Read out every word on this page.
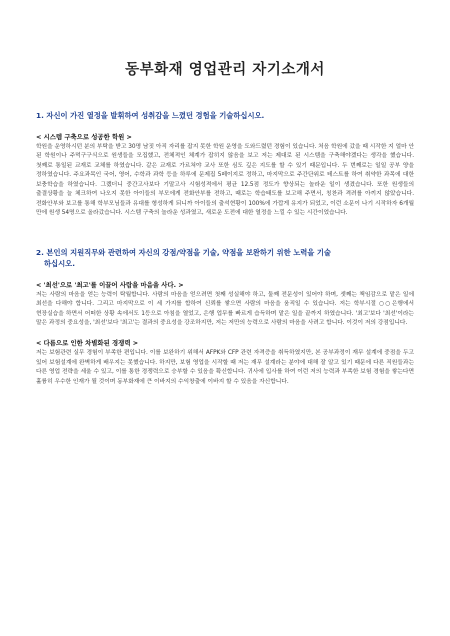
동부화재 영업관리 자기소개서

1. 자신이 가진 열정을 발휘하여 성취감을 느꼈던 경험을 기술하십시오.

< 시스템 구축으로 성공한 학원 >

학원을 운영하시던 분의 부탁을 받고 30명 남짓 아직 자리를 잡지 못한 학원 운영을 도와드렸던 경험이 있습니다. 처음 학원에 갔을 때 시작한 지 얼마 안 된 학원이나 주먹구구식으로 원생들을 모집했고, 전체적인 체계가 잡히지 않음을 보고 저는 제대로 된 시스템을 구축해야겠다는 생각을 했습니다. 첫째로 통일된 교재로 교체를 하였습니다. 같은 교재로 가르쳐야 교사 또한 심도 깊은 지도를 할 수 있기 때문입니다. 두 번째로는 일일 공부 양을 정하였습니다. 주요과목인 국어, 영어, 수학과 과학 등을 하루에 문제집 5페이지로 정하고, 마지막으로 주간단위로 테스트를 하여 취약한 과목에 대한 보충학습을 하였습니다. 그랬더니 중간고사보다 기말고사 시험성적에서 평균 12.5점 정도가 향상되는 놀라운 일이 생겼습니다. 또한 원생들의 출결상황을 늘 체크하여 나오지 못한 아이들의 부모에게 전화안부를 전하고, 때로는 학습태도를 보고해 주면서, 칭찬과 격려를 아끼지 않았습니다. 전화안부와 보고를 통해 학부모님들과 유대를 형성하게 되니까 아이들의 출석현황이 100%에 가깝게 유지가 되었고, 이런 소문이 나기 시작하자 6개월 만에 원생 54명으로 올라갔습니다. 시스템 구축의 놀라운 성과였고, 새로운 도전에 대한 열정을 느낄 수 있는 시간이었습니다.

2. 본인의 지원직무와 관련하여 자신의 강점/약점을 기술, 약점을 보완하기 위한 노력을 기술
하십시오.

< '최선'으로 '최고'를 이끌어 사람을 마음을 사다. >

저는 사람의 마음을 얻는 능력이 탁월합니다. 사람의 마음을 얻으려면 첫째 성실해야 하고, 둘째 전문성이 있어야 하며, 셋째는 책임감으로 맡은 일에 최선을 다해야 합니다. 그리고 마지막으로 이 세 가지를 합하여 신뢰를 쌓으면 사람의 마음을 움직일 수 있습니다. 저는 학부시절 ○○은행에서 현장실습을 하면서 어떠한 상황 속에서도 1등으로 아침을 열었고, 은행 업무를 빠르게 습득하며 맡은 일을 끝까지 하였습니다. '최고'보다 '최선'이라는 말은 과정의 중요성을, '최선'보다 '최고'는 결과의 중요성을 강조하지만, 저는 저만의 능력으로 사람의 마음을 사려고 합니다. 이것이 저의 강점입니다.

< 다름으로 인한 차별화된 경쟁력 >

저는 보험관련 실무 경험이 부족한 편입니다. 이를 보완하기 위해서 AFPK와 CFP 관련 자격증을 취득하였지만, 본 공부과정이 재무 설계에 중점을 두고 있어 보험설계에 완벽하게 배우지는 못했습니다. 하지만, 보험 영업을 시작할 때 저는 재무 설계라는 분야에 대해 잘 알고 있기 때문에 다른 직원들과는 다른 영업 전략을 세울 수 있고, 이를 통한 경쟁력으로 승부할 수 있음을 확신합니다. 귀사에 입사를 하여 이런 저의 능력과 부족한 보험 경험을 쌓는다면 훌륭히 우수한 인재가 될 것이며 동부화재에 큰 이바지의 수익창출에 이바지 할 수 있음을 자신합니다.
